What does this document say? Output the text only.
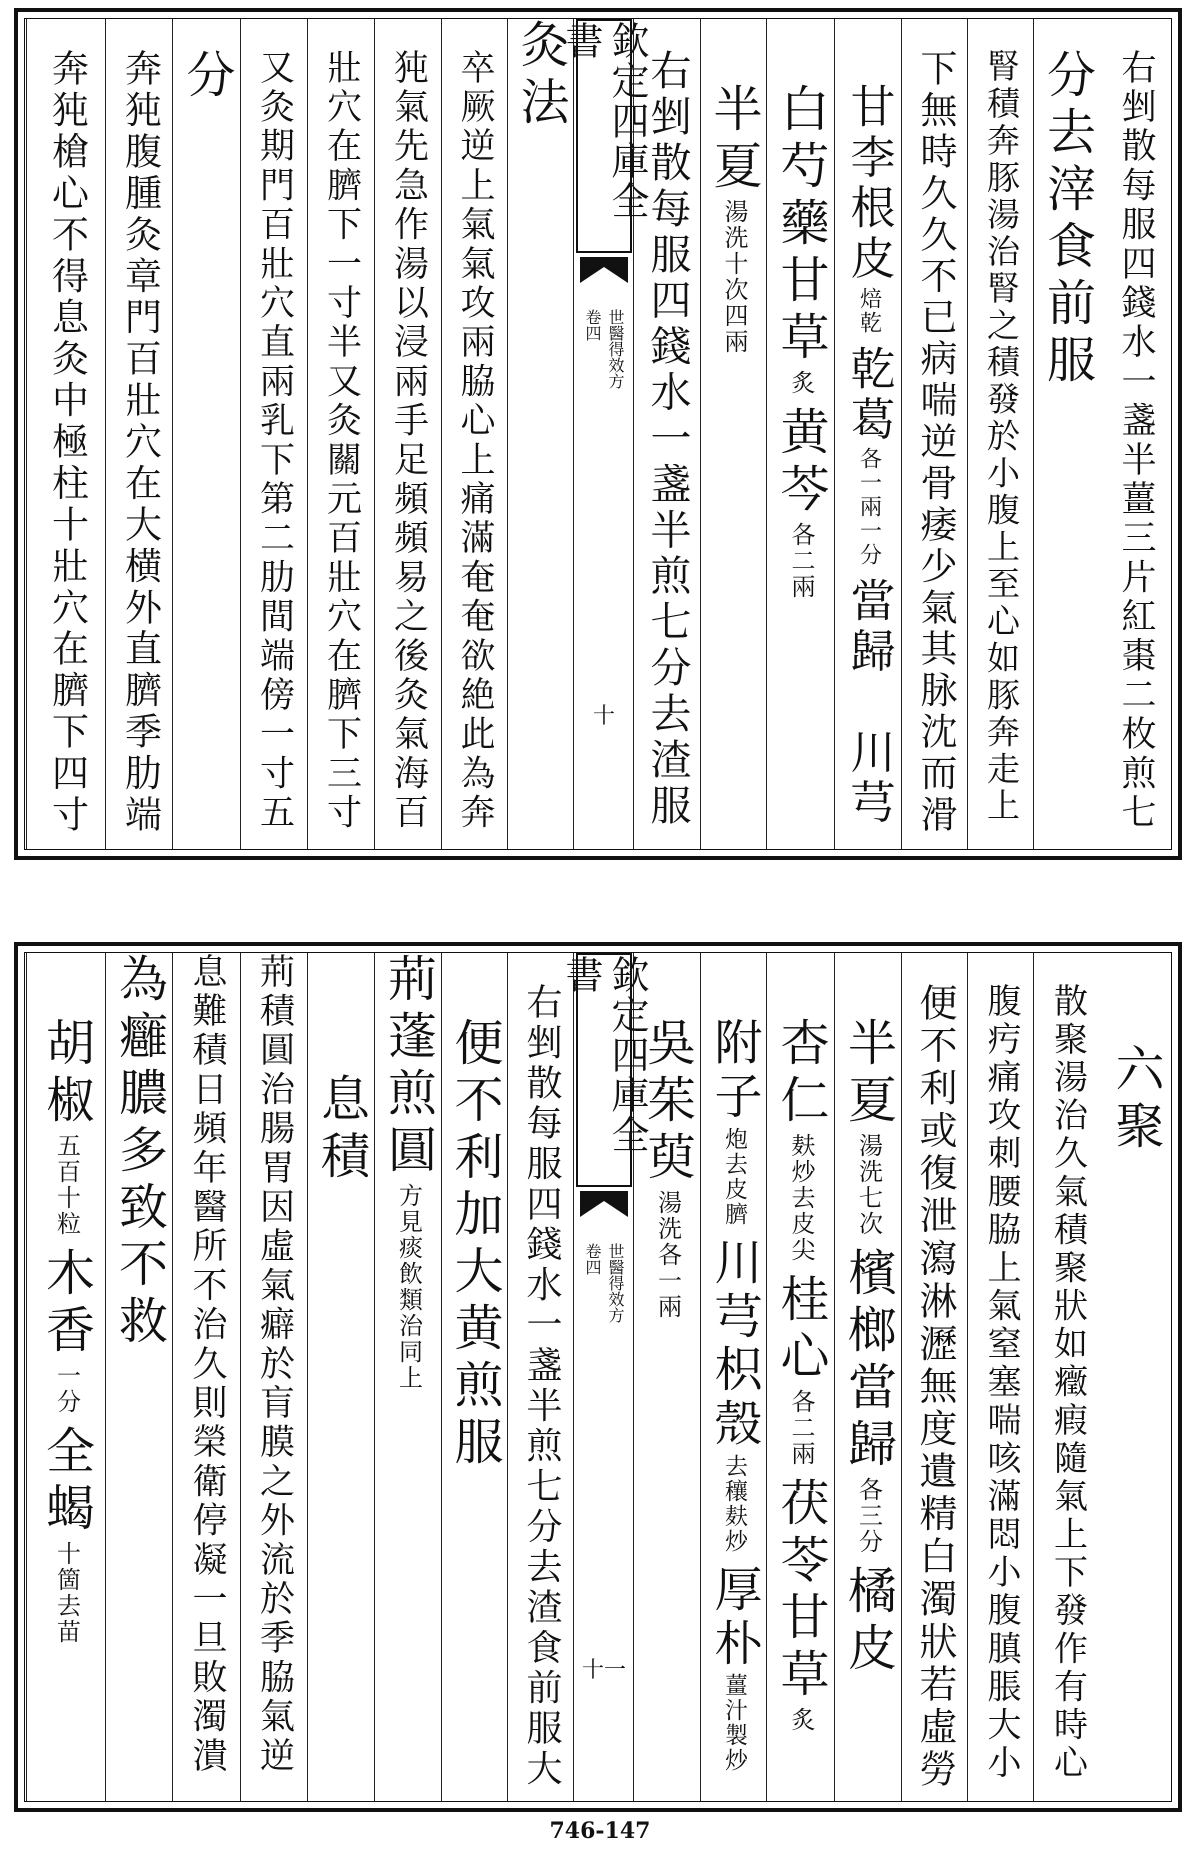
右剉散每服四錢水一盞半薑三片紅棗二枚煎七
分去滓食前服
腎積奔豚湯治腎之積發於小腹上至心如豚奔走上
下無時久久不已病喘逆骨痿少氣其脉沈而滑
甘李根皮
焙乾
乾葛
各一兩一分
當歸　川芎
白芍藥
甘草
炙
黄芩
各二兩
半夏
湯洗十次四兩
右剉散每服四錢水一盞半煎七分去渣服
欽定四庫全書
卷四 世醫得效方
十
灸法
卒厥逆上氣氣攻兩脇心上痛滿奄奄欲絶此為奔
㹠氣先急作湯以浸兩手足頻頻易之後灸氣海百
壯穴在臍下一寸半又灸關元百壯穴在臍下三寸
又灸期門百壯穴直兩乳下第二肋間端傍一寸五
分
奔㹠腹腫灸章門百壯穴在大横外直臍季肋端
奔㹠槍心不得息灸中極柱十壯穴在臍下四寸
六聚
散聚湯治久氣積聚狀如癥瘕隨氣上下發作有時心
腹㽲痛攻刺腰脇上氣窒塞喘咳滿悶小腹䐜脹大小
便不利或復泄瀉淋瀝無度遺精白濁狀若虛勞
半夏
湯洗七次
檳榔
當歸
各三分
橘皮
杏仁
麸炒去皮尖
桂心
各二兩
茯苓
甘草
炙
附子
炮去皮臍
川芎
枳殼
去穰麸炒
厚朴
薑汁製炒
吳茱萸
湯洗各一兩
欽定四庫全書
卷四 世醫得效方
十一
右剉散每服四錢水一盞半煎七分去渣食前服大
便不利加大黄煎服
荊蓬煎圓
方見痰飲類治同上
息積
荊積圓治腸胃因虛氣癖於肓膜之外流於季脇氣逆
息難積日頻年醫所不治久則榮衛停凝一旦敗濁潰
為癰膿多致不救
胡椒
五百十粒
木香
一分
全蝎
十箇去苗
746-147
